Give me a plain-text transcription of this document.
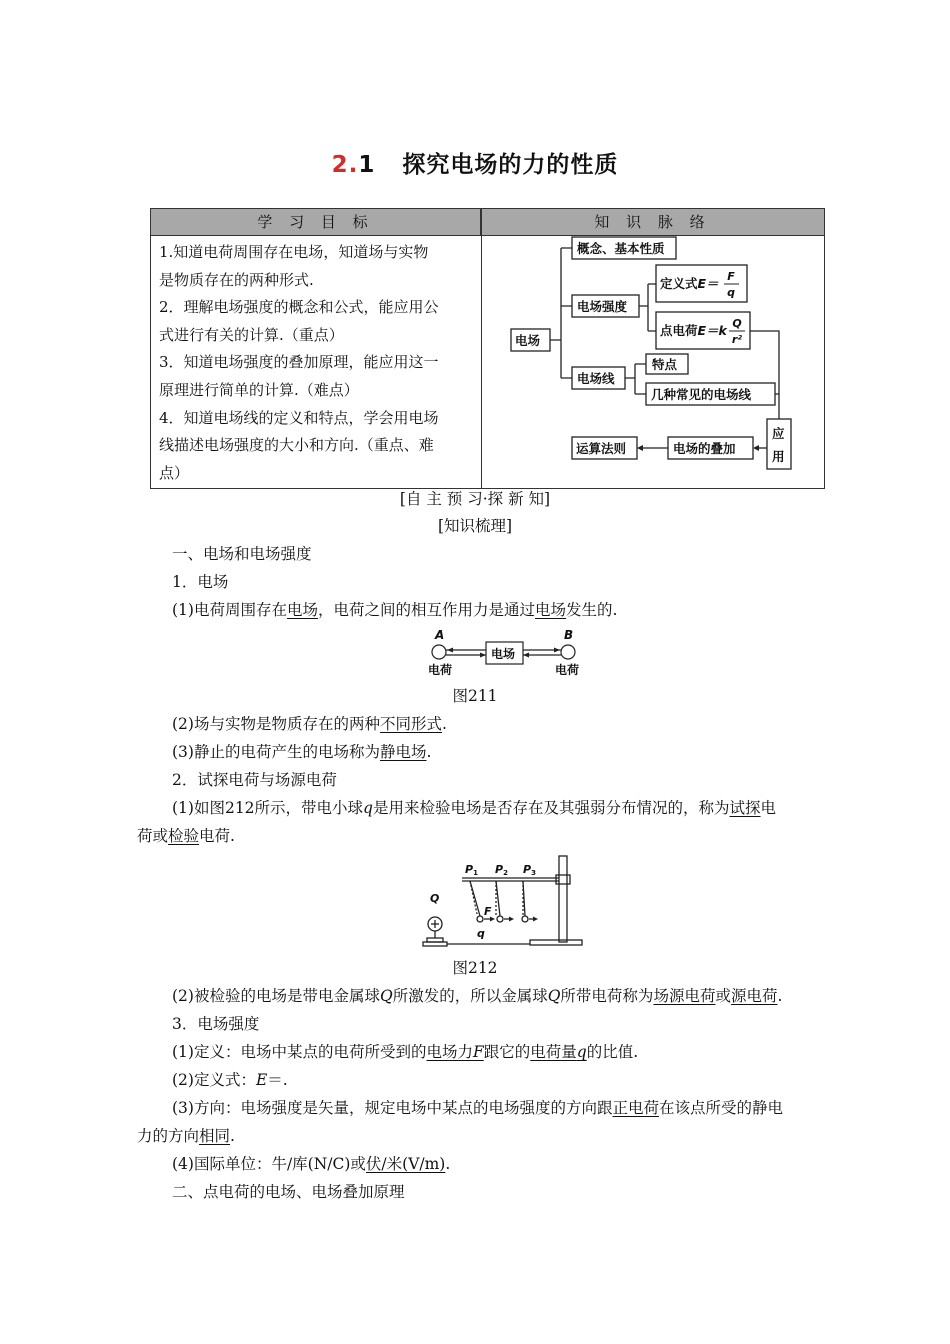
2.1 探究电场的力的性质
学 习 目 标	知 识 脉 络
1.知道电荷周围存在电场，知道场与实物
是物质存在的两种形式.
2．理解电场强度的概念和公式，能应用公
式进行有关的计算.（重点）
3．知道电场强度的叠加原理，能应用这一
原理进行简单的计算.（难点）
4．知道电场线的定义和特点，学会用电场
线描述电场强度的大小和方向.（重点、难
点）
电场
概念、基本性质
电场强度
定义式E＝ F
q
点电荷E＝k Q
r²
电场线
特点
几种常见的电场线
应
用
运算法则	电场的叠加
[自 主 预 习·探 新 知]
[知识梳理]
一、电场和电场强度
1．电场
(1)电荷周围存在电场，电荷之间的相互作用力是通过电场发生的.
A	B
电场
电荷	电荷
图211
(2)场与实物是物质存在的两种不同形式.
(3)静止的电荷产生的电场称为静电场.
2．试探电荷与场源电荷
(1)如图212所示，带电小球q是用来检验电场是否存在及其强弱分布情况的，称为试探电
荷或检验电荷.
Q
P1 P2 P3
F
q
图212
(2)被检验的电场是带电金属球Q所激发的，所以金属球Q所带电荷称为场源电荷或源电荷.
3．电场强度
(1)定义：电场中某点的电荷所受到的电场力F跟它的电荷量q的比值.
(2)定义式：E＝.
(3)方向：电场强度是矢量，规定电场中某点的电场强度的方向跟正电荷在该点所受的静电
力的方向相同.
(4)国际单位：牛/库(N/C)或伏/米(V/m).
二、点电荷的电场、电场叠加原理
